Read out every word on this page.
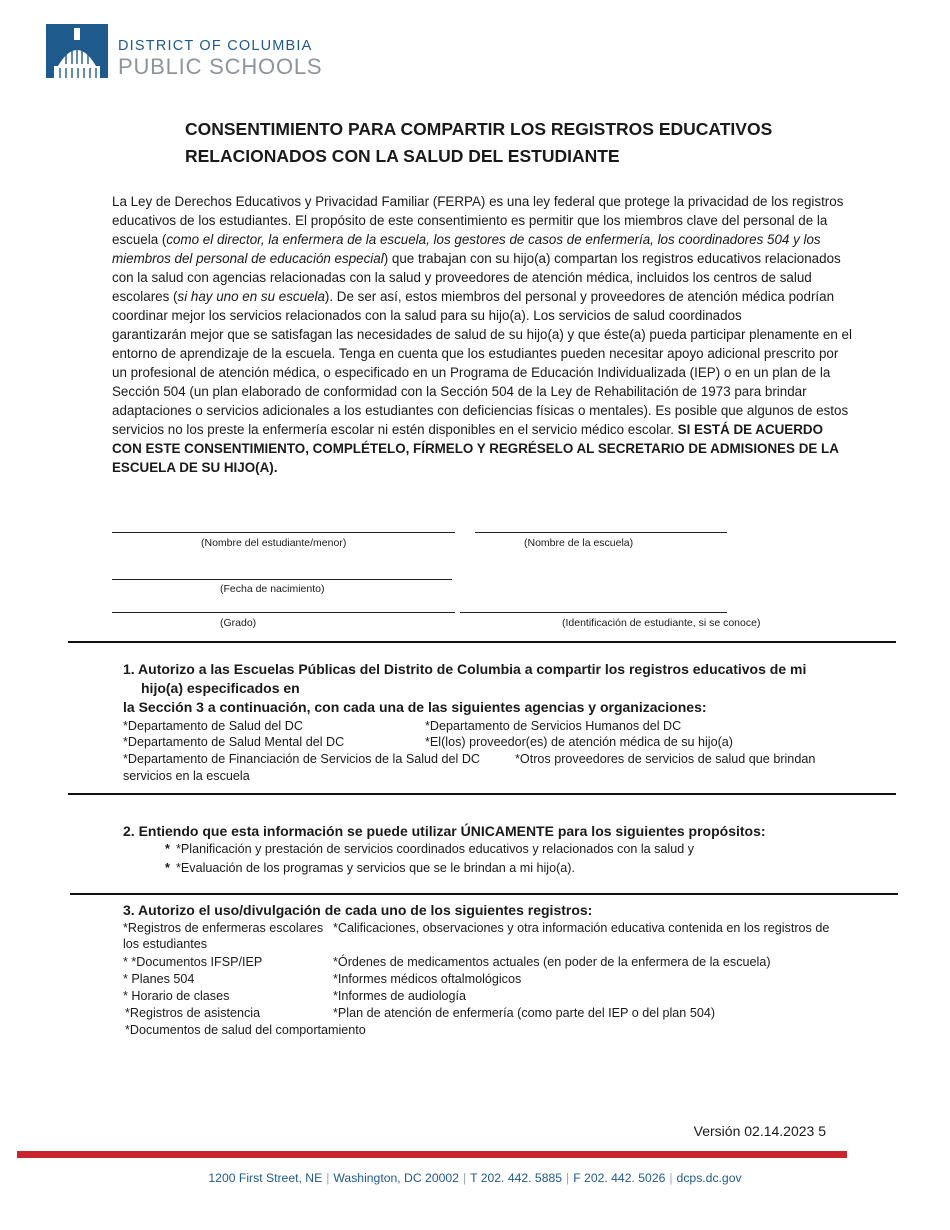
DISTRICT OF COLUMBIA
PUBLIC SCHOOLS
CONSENTIMIENTO PARA COMPARTIR LOS REGISTROS EDUCATIVOS
RELACIONADOS CON LA SALUD DEL ESTUDIANTE

La Ley de Derechos Educativos y Privacidad Familiar (FERPA) es una ley federal que protege la privacidad de los registros educativos de los estudiantes. El propósito de este consentimiento es permitir que los miembros clave del personal de la escuela (como el director, la enfermera de la escuela, los gestores de casos de enfermería, los coordinadores 504 y los miembros del personal de educación especial) que trabajan con su hijo(a) compartan los registros educativos relacionados con la salud con agencias relacionadas con la salud y proveedores de atención médica, incluidos los centros de salud escolares (si hay uno en su escuela). De ser así, estos miembros del personal y proveedores de atención médica podrían coordinar mejor los servicios relacionados con la salud para su hijo(a). Los servicios de salud coordinados

garantizarán mejor que se satisfagan las necesidades de salud de su hijo(a) y que éste(a) pueda participar plenamente en el entorno de aprendizaje de la escuela. Tenga en cuenta que los estudiantes pueden necesitar apoyo adicional prescrito por un profesional de atención médica, o especificado en un Programa de Educación Individualizada (IEP) o en un plan de la Sección 504 (un plan elaborado de conformidad con la Sección 504 de la Ley de Rehabilitación de 1973 para brindar adaptaciones o servicios adicionales a los estudiantes con deficiencias físicas o mentales). Es posible que algunos de estos servicios no los preste la enfermería escolar ni estén disponibles en el servicio médico escolar. SI ESTÁ DE ACUERDO CON ESTE CONSENTIMIENTO, COMPLÉTELO, FÍRMELO Y REGRÉSELO AL SECRETARIO DE ADMISIONES DE LA ESCUELA DE SU HIJO(A).

(Nombre del estudiante/menor)	(Nombre de la escuela)
(Fecha de nacimiento)
(Grado)	(Identificación de estudiante, si se conoce)
1. Autorizo a las Escuelas Públicas del Distrito de Columbia a compartir los registros educativos de mi
hijo(a) especificados en
la Sección 3 a continuación, con cada una de las siguientes agencias y organizaciones:
*Departamento de Salud del DC	*Departamento de Servicios Humanos del DC
*Departamento de Salud Mental del DC	*El(los) proveedor(es) de atención médica de su hijo(a)
*Departamento de Financiación de Servicios de la Salud del DC	*Otros proveedores de servicios de salud que brindan
servicios en la escuela
2. Entiendo que esta información se puede utilizar ÚNICAMENTE para los siguientes propósitos:
* *Planificación y prestación de servicios coordinados educativos y relacionados con la salud y
* *Evaluación de los programas y servicios que se le brindan a mi hijo(a).
3. Autorizo el uso/divulgación de cada uno de los siguientes registros:
*Registros de enfermeras escolares *Calificaciones, observaciones y otra información educativa contenida en los registros de
los estudiantes
* *Documentos IFSP/IEP	*Órdenes de medicamentos actuales (en poder de la enfermera de la escuela)
* Planes 504	*Informes médicos oftalmológicos
* Horario de clases	*Informes de audiología
*Registros de asistencia	*Plan de atención de enfermería (como parte del IEP o del plan 504)
*Documentos de salud del comportamiento
Versión 02.14.2023 5
1200 First Street, NE | Washington, DC 20002 | T 202. 442. 5885 | F 202. 442. 5026 | dcps.dc.gov
